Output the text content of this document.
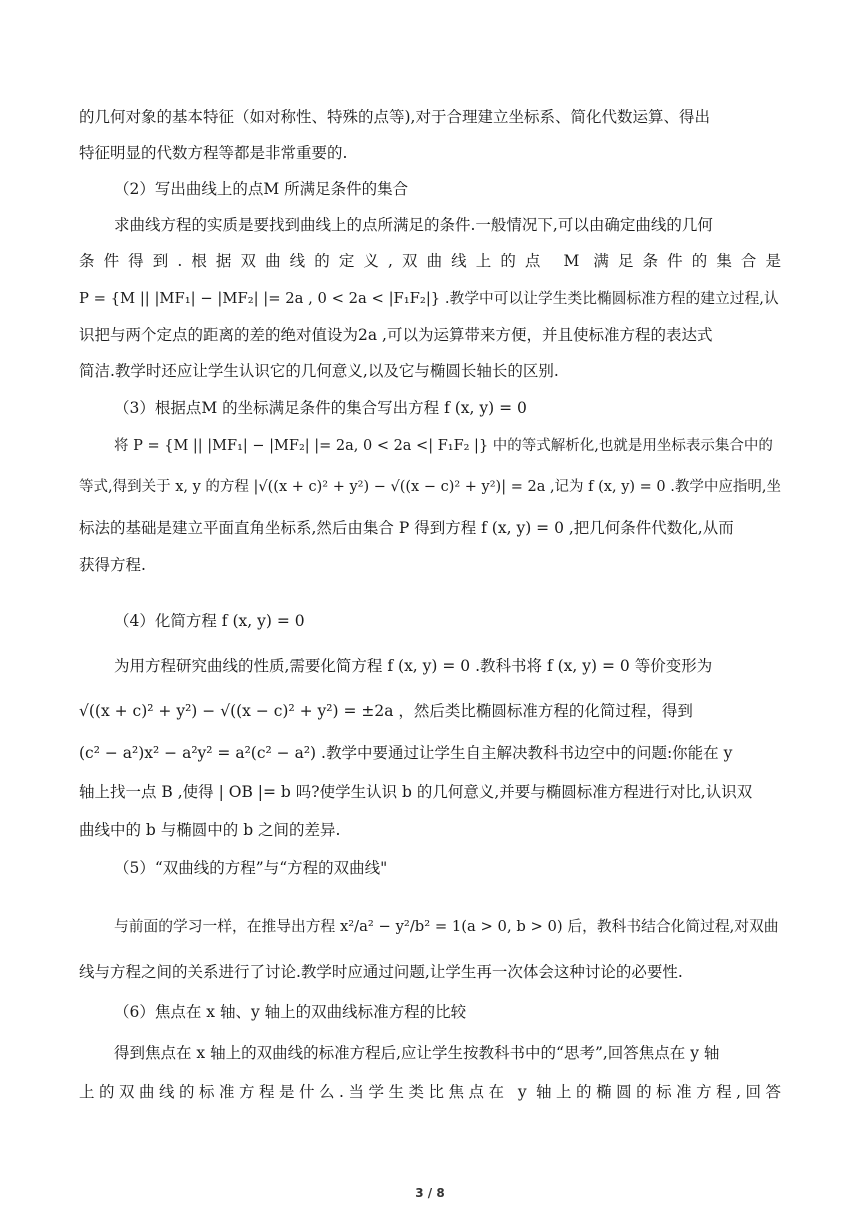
的几何对象的基本特征（如对称性、特殊的点等),对于合理建立坐标系、简化代数运算、得出
特征明显的代数方程等都是非常重要的.
（2）写出曲线上的点M 所满足条件的集合
求曲线方程的实质是要找到曲线上的点所满足的条件.一般情况下,可以由确定曲线的几何
条件得到.根据双曲线的定义,双曲线上的点 M 满足条件的集合是
P = {M || |MF₁| − |MF₂| |= 2a , 0 < 2a < |F₁F₂|} .教学中可以让学生类比椭圆标准方程的建立过程,认
识把与两个定点的距离的差的绝对值设为2a ,可以为运算带来方便，并且使标准方程的表达式
简洁.教学时还应让学生认识它的几何意义,以及它与椭圆长轴长的区别.
（3）根据点M 的坐标满足条件的集合写出方程 f (x, y) = 0
将 P = {M || |MF₁| − |MF₂| |= 2a, 0 < 2a <| F₁F₂ |} 中的等式解析化,也就是用坐标表示集合中的
等式,得到关于 x, y 的方程 |√((x + c)² + y²) − √((x − c)² + y²)| = 2a ,记为 f (x, y) = 0 .教学中应指明,坐
标法的基础是建立平面直角坐标系,然后由集合 P 得到方程 f (x, y) = 0 ,把几何条件代数化,从而
获得方程.
（4）化简方程 f (x, y) = 0
为用方程研究曲线的性质,需要化简方程 f (x, y) = 0 .教科书将 f (x, y) = 0 等价变形为
√((x + c)² + y²) − √((x − c)² + y²) = ±2a ，然后类比椭圆标准方程的化简过程，得到
(c² − a²)x² − a²y² = a²(c² − a²) .教学中要通过让学生自主解决教科书边空中的问题:你能在 y
轴上找一点 B ,使得 | OB |= b 吗?使学生认识 b 的几何意义,并要与椭圆标准方程进行对比,认识双
曲线中的 b 与椭圆中的 b 之间的差异.
（5）“双曲线的方程”与“方程的双曲线"
与前面的学习一样，在推导出方程 x²/a² − y²/b² = 1(a > 0, b > 0) 后，教科书结合化简过程,对双曲
线与方程之间的关系进行了讨论.教学时应通过问题,让学生再一次体会这种讨论的必要性.
（6）焦点在 x 轴、y 轴上的双曲线标准方程的比较
得到焦点在 x 轴上的双曲线的标准方程后,应让学生按教科书中的“思考”,回答焦点在 y 轴
上的双曲线的标准方程是什么.当学生类比焦点在 y 轴上的椭圆的标准方程,回答
3 / 8
